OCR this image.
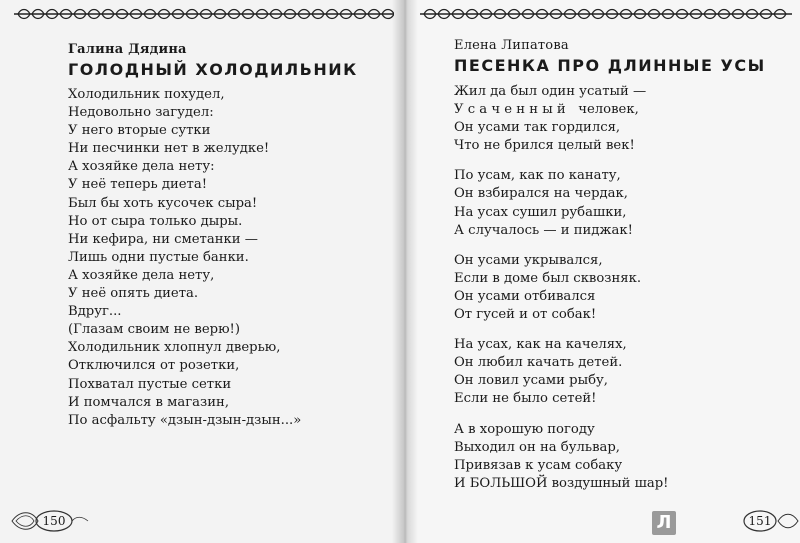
Галина Дядина
ГОЛОДНЫЙ ХОЛОДИЛЬНИК
Холодильник похудел,
Недовольно загудел:
У него вторые сутки
Ни песчинки нет в желудке!
А хозяйке дела нету:
У неё теперь диета!
Был бы хоть кусочек сыра!
Но от сыра только дыры.
Ни кефира, ни сметанки —
Лишь одни пустые банки.
А хозяйке дела нету,
У неё опять диета.
Вдруг...
(Глазам своим не верю!)
Холодильник хлопнул дверью,
Отключился от розетки,
Похватал пустые сетки
И помчался в магазин,
По асфальту «дзын-дзын-дзын...»
150

Елена Липатова
ПЕСЕНКА ПРО ДЛИННЫЕ УСЫ
Жил да был один усатый —
У с а ч е н н ы й   человек,
Он усами так гордился,
Что не брился целый век!
По усам, как по канату,
Он взбирался на чердак,
На усах сушил рубашки,
А случалось — и пиджак!
Он усами укрывался,
Если в доме был сквозняк.
Он усами отбивался
От гусей и от собак!
На усах, как на качелях,
Он любил качать детей.
Он ловил усами рыбу,
Если не было сетей!
А в хорошую погоду
Выходил он на бульвар,
Привязав к усам собаку
И БОЛЬШОЙ воздушный шар!
151
Л
